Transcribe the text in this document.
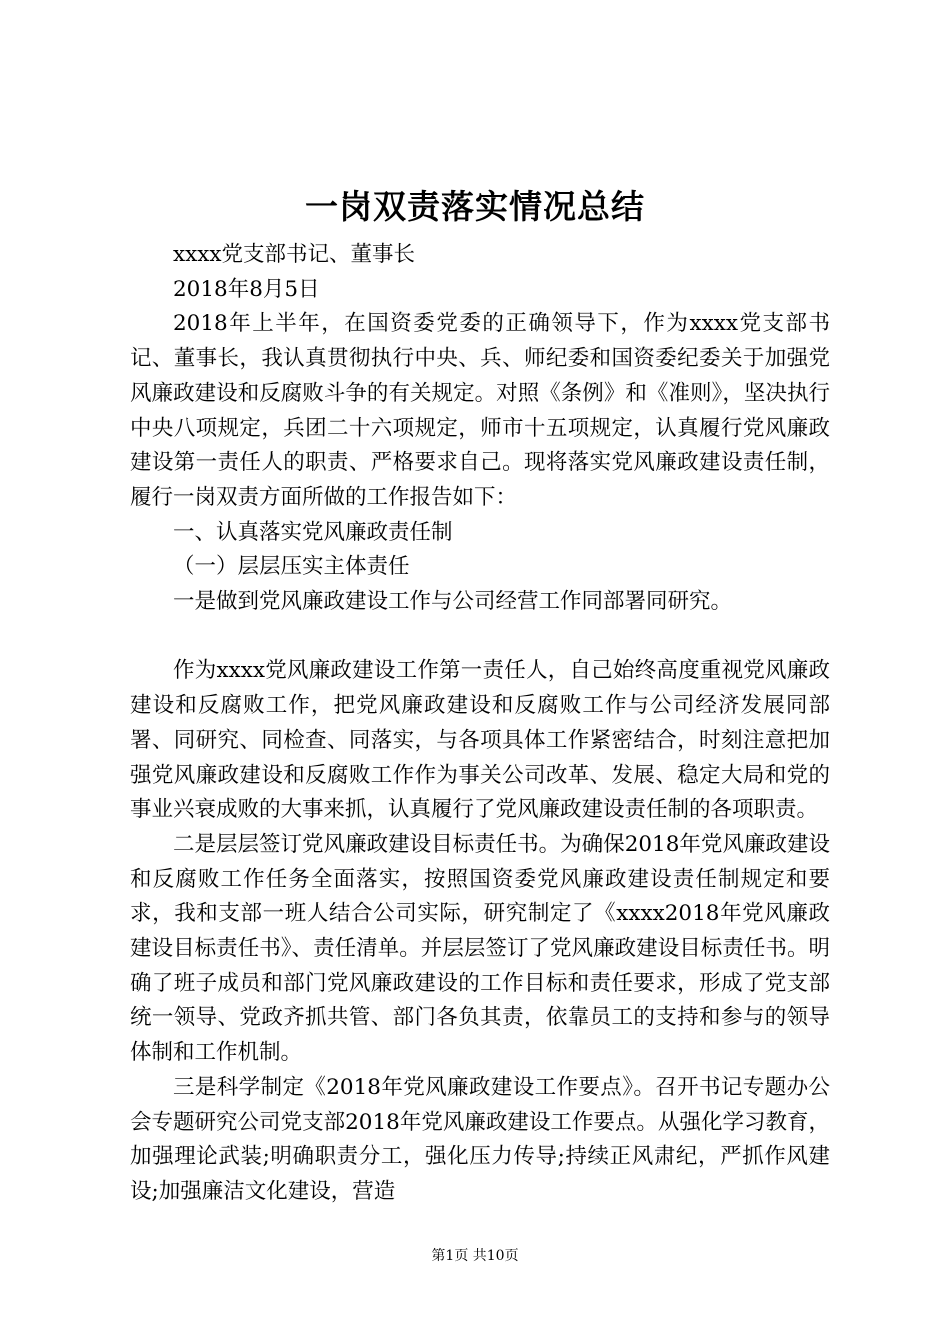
一岗双责落实情况总结

xxxx党支部书记、董事长

2018年8月5日

2018年上半年，在国资委党委的正确领导下，作为xxxx党支部书记、董事长，我认真贯彻执行中央、兵、师纪委和国资委纪委关于加强党风廉政建设和反腐败斗争的有关规定。对照《条例》和《准则》，坚决执行中央八项规定，兵团二十六项规定，师市十五项规定，认真履行党风廉政建设第一责任人的职责、严格要求自己。现将落实党风廉政建设责任制，履行一岗双责方面所做的工作报告如下：

一、认真落实党风廉政责任制

（一）层层压实主体责任

一是做到党风廉政建设工作与公司经营工作同部署同研究。

作为xxxx党风廉政建设工作第一责任人，自己始终高度重视党风廉政建设和反腐败工作，把党风廉政建设和反腐败工作与公司经济发展同部署、同研究、同检查、同落实，与各项具体工作紧密结合，时刻注意把加强党风廉政建设和反腐败工作作为事关公司改革、发展、稳定大局和党的事业兴衰成败的大事来抓，认真履行了党风廉政建设责任制的各项职责。

二是层层签订党风廉政建设目标责任书。为确保2018年党风廉政建设和反腐败工作任务全面落实，按照国资委党风廉政建设责任制规定和要求，我和支部一班人结合公司实际，研究制定了《xxxx2018年党风廉政建设目标责任书》、责任清单。并层层签订了党风廉政建设目标责任书。明确了班子成员和部门党风廉政建设的工作目标和责任要求，形成了党支部统一领导、党政齐抓共管、部门各负其责，依靠员工的支持和参与的领导体制和工作机制。

三是科学制定《2018年党风廉政建设工作要点》。召开书记专题办公会专题研究公司党支部2018年党风廉政建设工作要点。从强化学习教育，加强理论武装;明确职责分工，强化压力传导;持续正风肃纪，严抓作风建设;加强廉洁文化建设，营造

第1页 共10页
